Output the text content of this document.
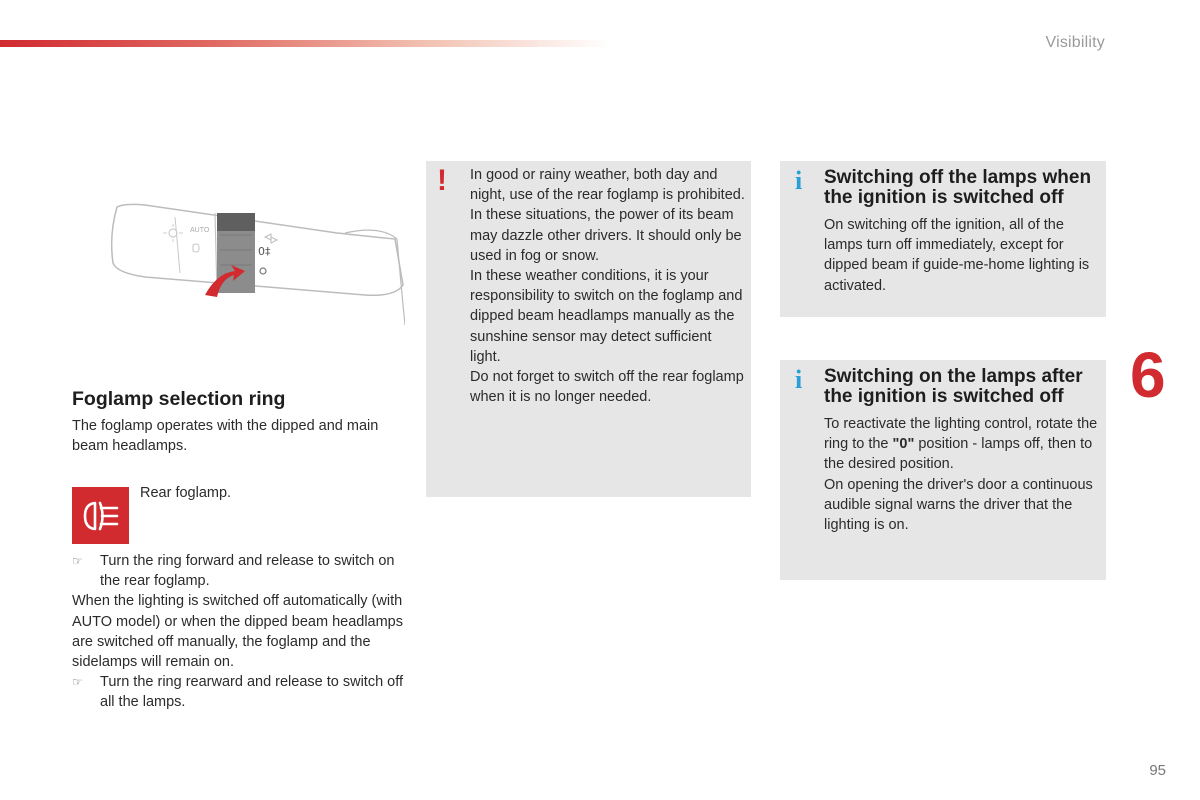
Visibility
AUTO
0‡
Foglamp selection ring
The foglamp operates with the dipped and main beam headlamps.
Rear foglamp.
☞	Turn the ring forward and release to switch on the rear foglamp.
When the lighting is switched off automatically (with AUTO model) or when the dipped beam headlamps are switched off manually, the foglamp and the sidelamps will remain on.
☞	Turn the ring rearward and release to switch off all the lamps.
! In good or rainy weather, both day and night, use of the rear foglamp is prohibited. In these situations, the power of its beam may dazzle other drivers. It should only be used in fog or snow.
In these weather conditions, it is your responsibility to switch on the foglamp and dipped beam headlamps manually as the sunshine sensor may detect sufficient light.
Do not forget to switch off the rear foglamp when it is no longer needed.
i Switching off the lamps when the ignition is switched off
On switching off the ignition, all of the lamps turn off immediately, except for dipped beam if guide-me-home lighting is activated.
i Switching on the lamps after the ignition is switched off
To reactivate the lighting control, rotate the ring to the "0" position - lamps off, then to the desired position.
On opening the driver's door a continuous audible signal warns the driver that the lighting is on.
6
95
